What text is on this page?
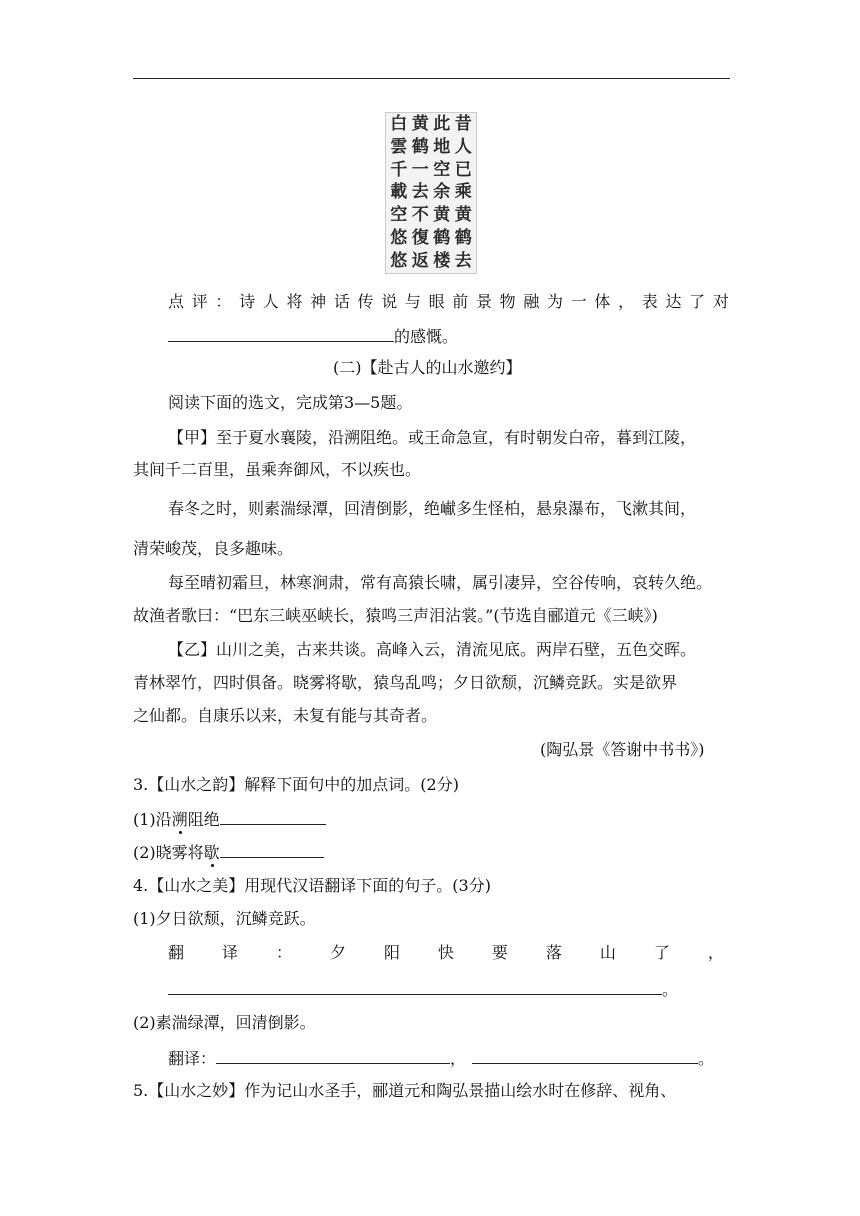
昔
人
已
乘
黄
鹤
去
此
地
空
余
黄
鹤
楼
黄
鹤
一
去
不
復
返
白
雲
千
載
空
悠
悠
点 评 ： 诗 人 将 神 话 传 说 与 眼 前 景 物 融 为 一 体 ， 表 达 了 对
的感慨。
(二)【赴古人的山水邀约】
阅读下面的选文，完成第3—5题。
【甲】至于夏水襄陵，沿溯阻绝。或王命急宣，有时朝发白帝，暮到江陵，
其间千二百里，虽乘奔御风，不以疾也。
春冬之时，则素湍绿潭，回清倒影，绝𪩘多生怪柏，悬泉瀑布，飞漱其间，
清荣峻茂，良多趣味。
每至晴初霜旦，林寒涧肃，常有高猿长啸，属引凄异，空谷传响，哀转久绝。
故渔者歌曰：“巴东三峡巫峡长，猿鸣三声泪沾裳。”(节选自郦道元《三峡》)
【乙】山川之美，古来共谈。高峰入云，清流见底。两岸石壁，五色交晖。
青林翠竹，四时俱备。晓雾将歇，猿鸟乱鸣；夕日欲颓，沉鳞竞跃。实是欲界
之仙都。自康乐以来，未复有能与其奇者。
(陶弘景《答谢中书书》)
3.【山水之韵】解释下面句中的加点词。(2分)
(1)沿溯阻绝
(2)晓雾将歇
4.【山水之美】用现代汉语翻译下面的句子。(3分)
(1)夕日欲颓，沉鳞竞跃。
翻 译 ： 夕 阳 快 要 落 山 了 ，
。
(2)素湍绿潭，回清倒影。
翻译：	，	。
5.【山水之妙】作为记山水圣手，郦道元和陶弘景描山绘水时在修辞、视角、
